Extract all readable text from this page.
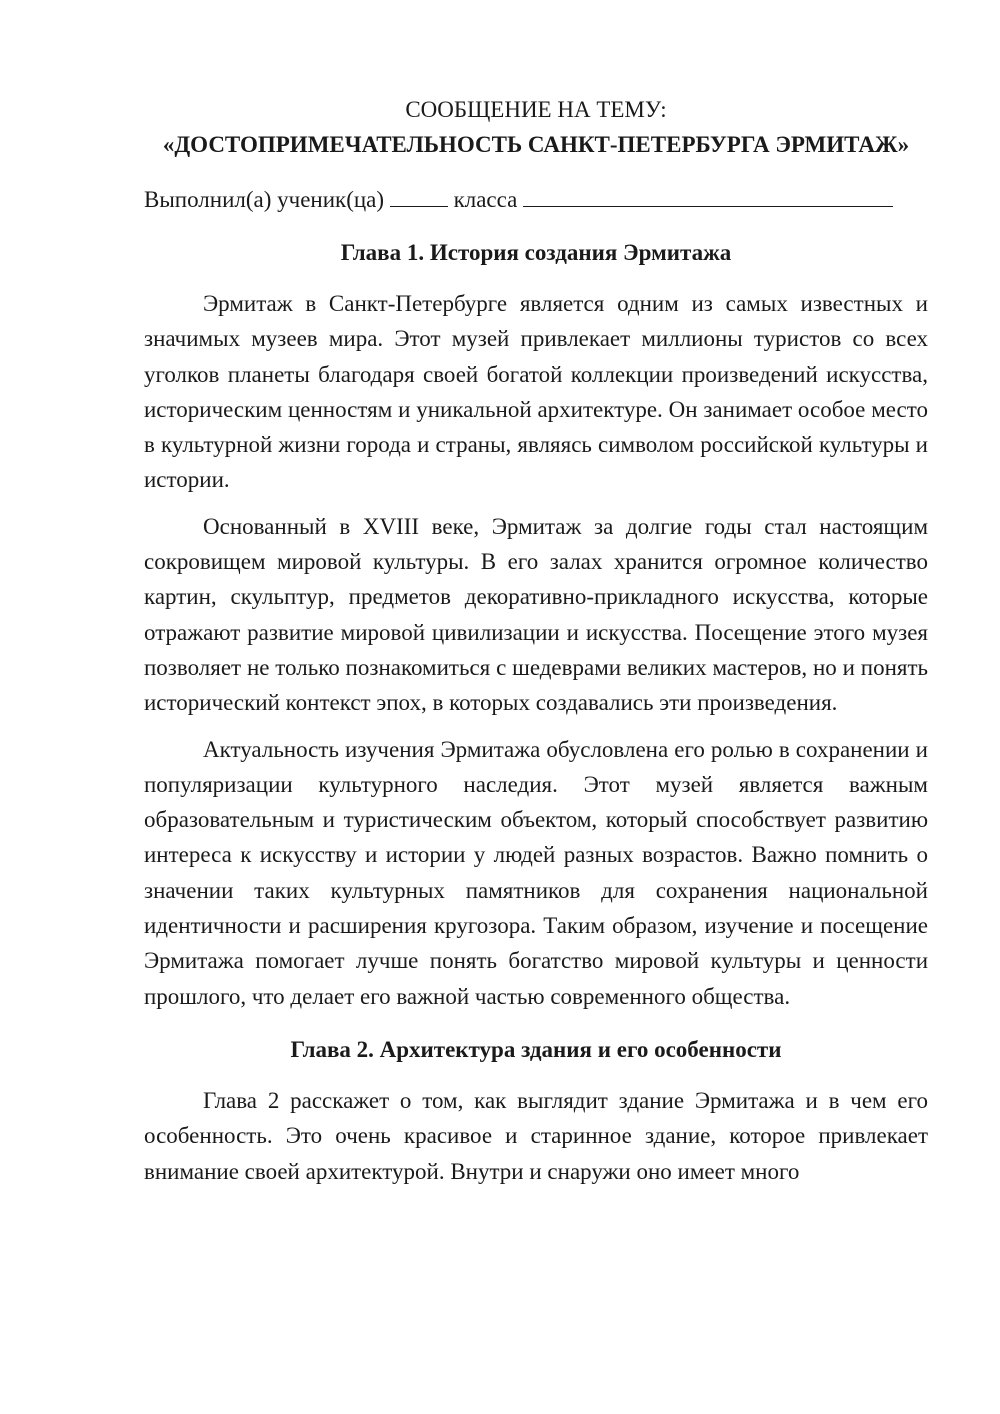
СООБЩЕНИЕ НА ТЕМУ:

«ДОСТОПРИМЕЧАТЕЛЬНОСТЬ САНКТ-ПЕТЕРБУРГА ЭРМИТАЖ»

Выполнил(а) ученик(ца)	класса
Глава 1. История создания Эрмитажа

Эрмитаж в Санкт-Петербурге является одним из самых известных и значимых музеев мира. Этот музей привлекает миллионы туристов со всех уголков планеты благодаря своей богатой коллекции произведений искусства, историческим ценностям и уникальной архитектуре. Он занимает особое место в культурной жизни города и страны, являясь символом российской культуры и истории.

Основанный в XVIII веке, Эрмитаж за долгие годы стал настоящим сокровищем мировой культуры. В его залах хранится огромное количество картин, скульптур, предметов декоративно-прикладного искусства, которые отражают развитие мировой цивилизации и искусства. Посещение этого музея позволяет не только познакомиться с шедеврами великих мастеров, но и понять исторический контекст эпох, в которых создавались эти произведения.

Актуальность изучения Эрмитажа обусловлена его ролью в сохранении и популяризации культурного наследия. Этот музей является важным образовательным и туристическим объектом, который способствует развитию интереса к искусству и истории у людей разных возрастов. Важно помнить о значении таких культурных памятников для сохранения национальной идентичности и расширения кругозора. Таким образом, изучение и посещение Эрмитажа помогает лучше понять богатство мировой культуры и ценности прошлого, что делает его важной частью современного общества.

Глава 2. Архитектура здания и его особенности

Глава 2 расскажет о том, как выглядит здание Эрмитажа и в чем его особенность. Это очень красивое и старинное здание, которое привлекает внимание своей архитектурой. Внутри и снаружи оно имеет много
